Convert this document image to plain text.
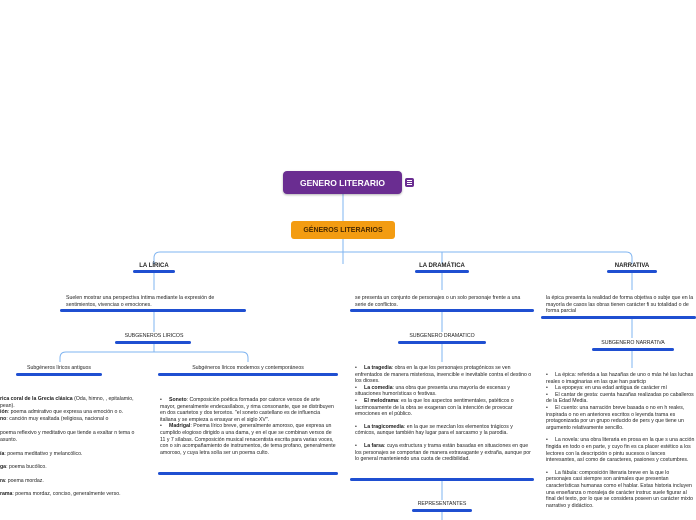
GENERO LITERARIO
GÉNEROS LITERARIOS
LA LÍRICA
Suelen mostrar una perspectiva íntima mediante la expresión de sentimientos, vivencias o emociones.
SUBGENEROS LIRICOS
Subgéneros líricos antiguos
rica coral de la Grecia clásica (Oda, himno, , epitalamio, pean).
ión: poema admirativo que expresa una emoción o o.
no: canción muy exaltada (religiosa, nacional o
poema reflexivo y meditativo que tiende a exaltar n tema o asunto.
ía: poema meditativo y melancólico.
ga: poema bucólico.
ra: poema mordaz.
rama: poema mordaz, conciso, generalmente verso.
Subgéneros líricos modernos y contemporáneos
•     Soneto: Composición poética formada por catorce versos de arte mayor, generalmente endecasílabos, y rima consonante, que se distribuyen en dos cuartetos y dos tercetos. "el soneto castellano es de influencia italiana y se empieza a ensayar en el siglo XV".
•     Madrigal: Poema lírico breve, generalmente amoroso, que expresa un cumplido elogioso dirigido a una dama, y en el que se combinan versos de 11 y 7 sílabas. Composición musical renacentista escrita para varias voces, con o sin acompañamiento de instrumentos, de tema profano, generalmente amoroso, y cuya letra solía ser un poema culto.
LA DRAMÁTICA
se presenta un conjunto de personajes o un solo personaje frente a una serie de conflictos.
SUBGENERO DRAMATICO
•     La tragedia: obra en la que los personajes protagónicos se ven enfrentados de manera misteriosa, invencible e inevitable contra el destino o los dioses.
•     La comedia: una obra que presenta una mayoría de escenas y situaciones humorísticas o festivas.
•     El melodrama: es la que los aspectos sentimentales, patéticos o lacrimosamente de la obra se exageran con la intención de provocar emociones en el público.
•     La tragicomedia: en la que se mezclan los elementos trágicos y cómicos, aunque también hay lugar para el sarcasmo y la parodia.
•     La farsa: cuya estructura y trama están basadas en situaciones en que los personajes se comportan de manera extravagante y extraña, aunque por lo general manteniendo una cuota de credibilidad.
REPRESENTANTES
NARRATIVA
la épica presenta la realidad de forma objetiva o subje que en la mayoría de casos las obras tienen carácter fi su totalidad o de forma parcial
SUBGENERO NARRATIVA
•     La épica: referida a las hazañas de uno o más hé las luchas reales o imaginarias en las que han particip
•     La epopeya: en una edad antigua de carácter mí
•     El cantar de gesta: cuenta hazañas realizadas po caballeros de la Edad Media.
•     El cuento: una narración breve basada o no en h reales, inspirada o no en anteriores escritos o leyenda trama es protagonizada por un grupo reducido de pers y que tiene un argumento relativamente sencillo.
•     La novela: una obra literaria en prosa en la que s una acción fingida en todo o en parte, y cuyo fin es ca placer estético a los lectores con la descripción o pintu sucesos o lances interesantes, así como de caracteres, pasiones y costumbres.
•     La fábula: composición literaria breve en la que lo personajes casi siempre son animales que presentan características humanas como el hablar. Estas historia incluyen una enseñanza o moraleja de carácter instruc suele figurar al final del texto, por lo que se considera poseen un carácter mixto narrativo y didáctico.
